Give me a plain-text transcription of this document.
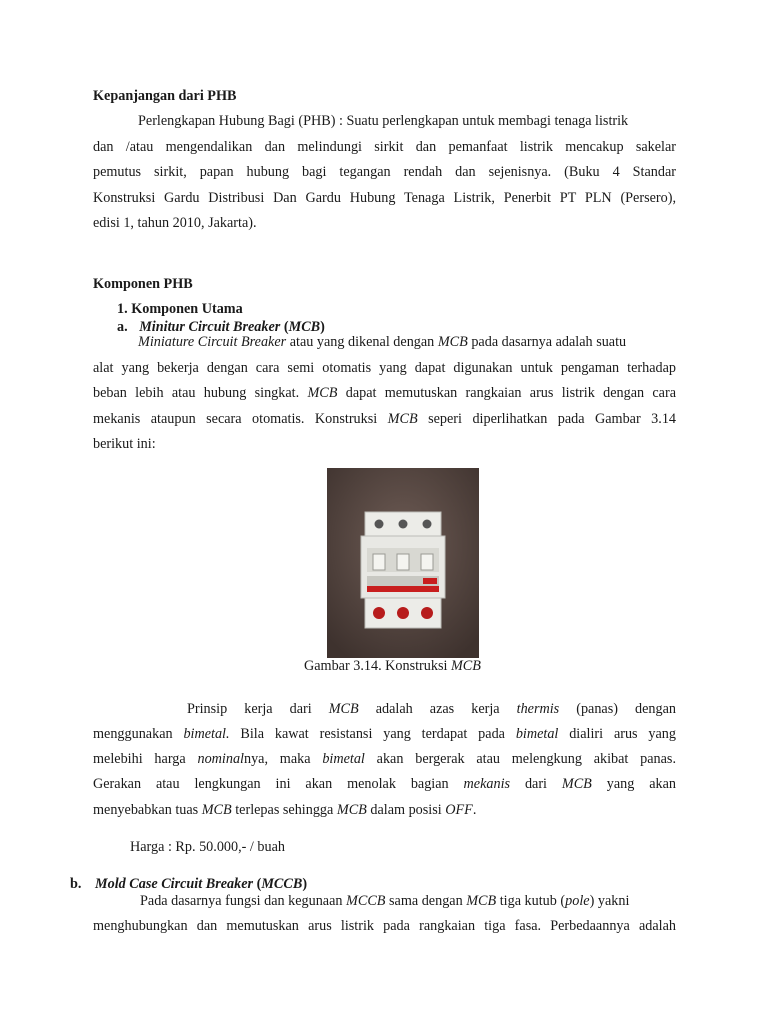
Kepanjangan dari PHB
Perlengkapan Hubung Bagi (PHB) : Suatu perlengkapan untuk membagi tenaga listrik
dan /atau mengendalikan dan melindungi sirkit dan pemanfaat listrik mencakup sakelar
pemutus sirkit, papan hubung bagi tegangan rendah dan sejenisnya. (Buku 4 Standar
Konstruksi Gardu Distribusi Dan Gardu Hubung Tenaga Listrik, Penerbit PT PLN (Persero),
edisi 1, tahun 2010, Jakarta).
Komponen PHB
1. Komponen Utama
a. Minitur Circuit Breaker (MCB)
Miniature Circuit Breaker atau yang dikenal dengan MCB pada dasarnya adalah suatu
alat yang bekerja dengan cara semi otomatis yang dapat digunakan untuk pengaman terhadap
beban lebih atau hubung singkat. MCB dapat memutuskan rangkaian arus listrik dengan cara
mekanis ataupun secara otomatis. Konstruksi MCB seperi diperlihatkan pada Gambar 3.14
berikut ini:
Gambar 3.14. Konstruksi MCB
Prinsip kerja dari MCB adalah azas kerja thermis (panas) dengan
menggunakan bimetal. Bila kawat resistansi yang terdapat pada bimetal dialiri arus yang
melebihi harga nominalnya, maka bimetal akan bergerak atau melengkung akibat panas.
Gerakan atau lengkungan ini akan menolak bagian mekanis dari MCB yang akan
menyebabkan tuas MCB terlepas sehingga MCB dalam posisi OFF.
Harga : Rp. 50.000,- / buah
b. Mold Case Circuit Breaker (MCCB)
Pada dasarnya fungsi dan kegunaan MCCB sama dengan MCB tiga kutub (pole) yakni
menghubungkan dan memutuskan arus listrik pada rangkaian tiga fasa. Perbedaannya adalah
